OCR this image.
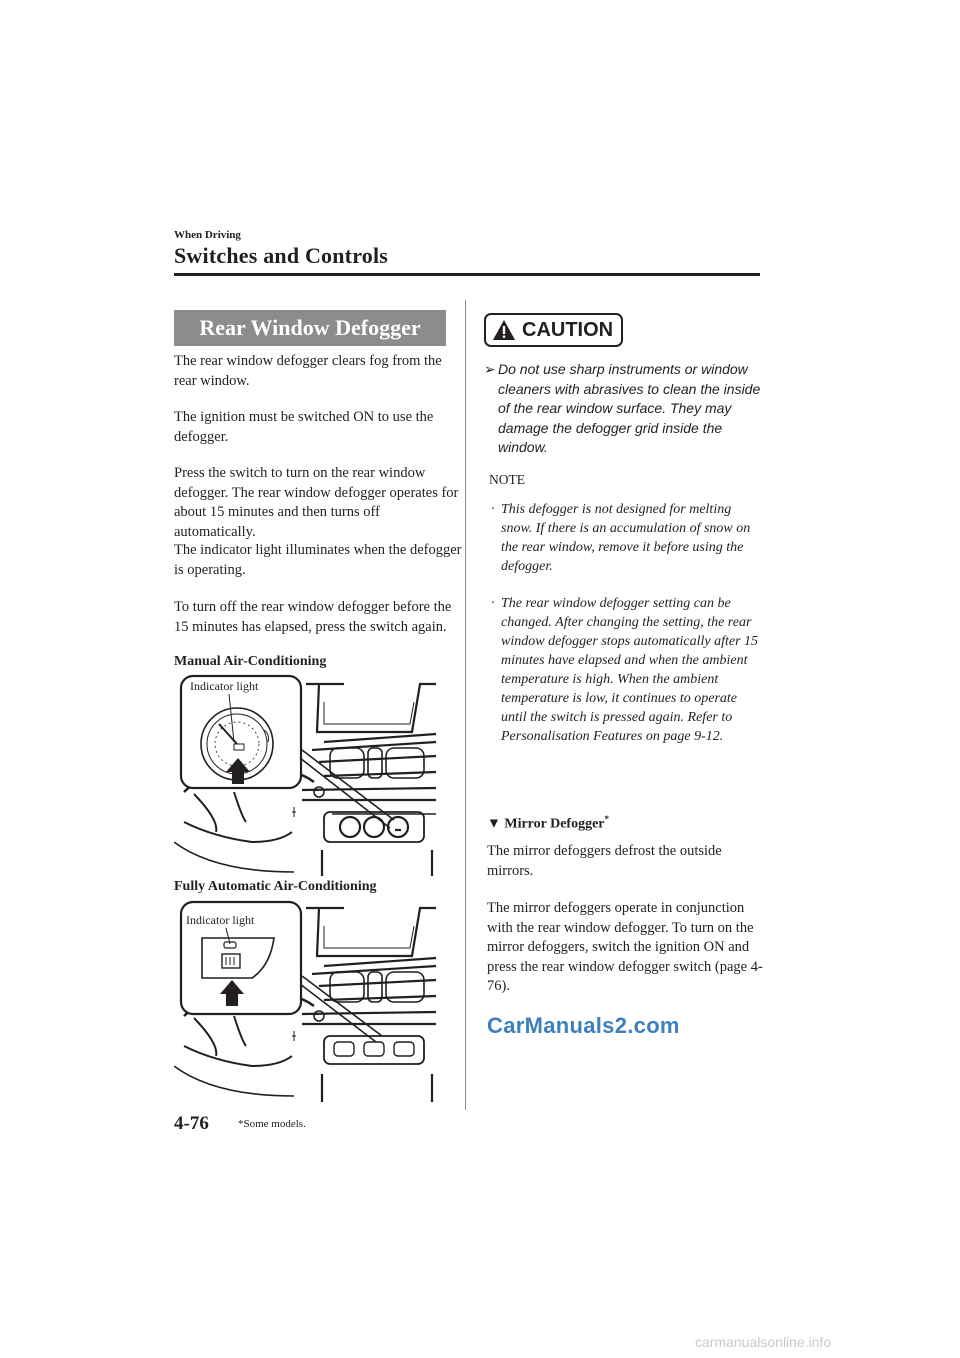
When Driving
Switches and Controls
Rear Window Defogger

The rear window defogger clears fog from the rear window.

The ignition must be switched ON to use the defogger.

Press the switch to turn on the rear window defogger. The rear window defogger operates for about 15 minutes and then turns off automatically.

The indicator light illuminates when the defogger is operating.

To turn off the rear window defogger before the 15 minutes has elapsed, press the switch again.

Manual Air-Conditioning
Indicator light
Fully Automatic Air-Conditioning
Indicator light
CAUTION
➢ Do not use sharp instruments or window cleaners with abrasives to clean the inside of the rear window surface. They may damage the defogger grid inside the window.
NOTE
· This defogger is not designed for melting snow. If there is an accumulation of snow on the rear window, remove it before using the defogger.
· The rear window defogger setting can be changed. After changing the setting, the rear window defogger stops automatically after 15 minutes have elapsed and when the ambient temperature is high. When the ambient temperature is low, it continues to operate until the switch is pressed again. Refer to Personalisation Features on page 9-12.
▼ Mirror Defogger*

The mirror defoggers defrost the outside mirrors.

The mirror defoggers operate in conjunction with the rear window defogger. To turn on the mirror defoggers, switch the ignition ON and press the rear window defogger switch (page 4-76).

CarManuals2.com
4-76	*Some models.
carmanualsonline.info
